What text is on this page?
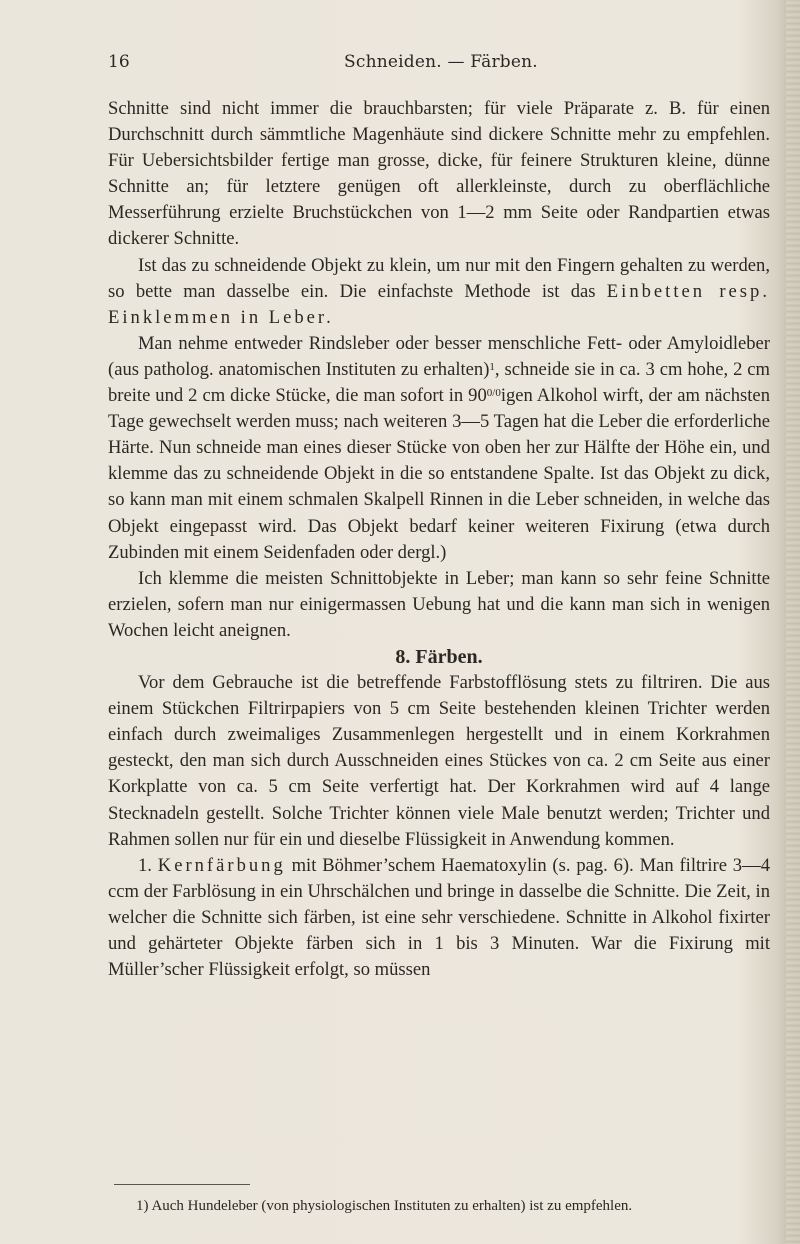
16	Schneiden. — Färben.

Schnitte sind nicht immer die brauchbarsten; für viele Präparate z. B. für einen Durchschnitt durch sämmtliche Magenhäute sind dickere Schnitte mehr zu empfehlen. Für Uebersichtsbilder fertige man grosse, dicke, für feinere Strukturen kleine, dünne Schnitte an; für letztere genügen oft allerkleinste, durch zu oberflächliche Messerführung erzielte Bruchstückchen von 1—2 mm Seite oder Randpartien etwas dickerer Schnitte.

Ist das zu schneidende Objekt zu klein, um nur mit den Fingern gehalten zu werden, so bette man dasselbe ein. Die einfachste Methode ist das Einbetten resp. Einklemmen in Leber.

Man nehme entweder Rindsleber oder besser menschliche Fett- oder Amyloidleber (aus patholog. anatomischen Instituten zu erhalten)$^1$, schneide sie in ca. 3 cm hohe, 2 cm breite und 2 cm dicke Stücke, die man sofort in $90^{0/0}igen$ Alkohol wirft, der am nächsten Tage gewechselt werden muss; nach weiteren 3—5 Tagen hat die Leber die erforderliche Härte. Nun schneide man eines dieser Stücke von oben her zur Hälfte der Höhe ein, und klemme das zu schneidende Objekt in die so entstandene Spalte. Ist das Objekt zu dick, so kann man mit einem schmalen Skalpell Rinnen in die Leber schneiden, in welche das Objekt eingepasst wird. Das Objekt bedarf keiner weiteren Fixirung (etwa durch Zubinden mit einem Seidenfaden oder dergl.)

Ich klemme die meisten Schnittobjekte in Leber; man kann so sehr feine Schnitte erzielen, sofern man nur einigermassen Uebung hat und die kann man sich in wenigen Wochen leicht aneignen.

8. Färben.

Vor dem Gebrauche ist die betreffende Farbstofflösung stets zu filtriren. Die aus einem Stückchen Filtrirpapiers von 5 cm Seite bestehenden kleinen Trichter werden einfach durch zweimaliges Zusammenlegen hergestellt und in einem Korkrahmen gesteckt, den man sich durch Ausschneiden eines Stückes von ca. 2 cm Seite aus einer Korkplatte von ca. 5 cm Seite verfertigt hat. Der Korkrahmen wird auf 4 lange Stecknadeln gestellt. Solche Trichter können viele Male benutzt werden; Trichter und Rahmen sollen nur für ein und dieselbe Flüssigkeit in Anwendung kommen.

1. Kernfärbung mit Böhmer’schem Haematoxylin (s. pag. 6). Man filtrire 3—4 ccm der Farblösung in ein Uhrschälchen und bringe in dasselbe die Schnitte. Die Zeit, in welcher die Schnitte sich färben, ist eine sehr verschiedene. Schnitte in Alkohol fixirter und gehärteter Objekte färben sich in 1 bis 3 Minuten. War die Fixirung mit Müller’scher Flüssigkeit erfolgt, so müssen

1) Auch Hundeleber (von physiologischen Instituten zu erhalten) ist zu empfehlen.
